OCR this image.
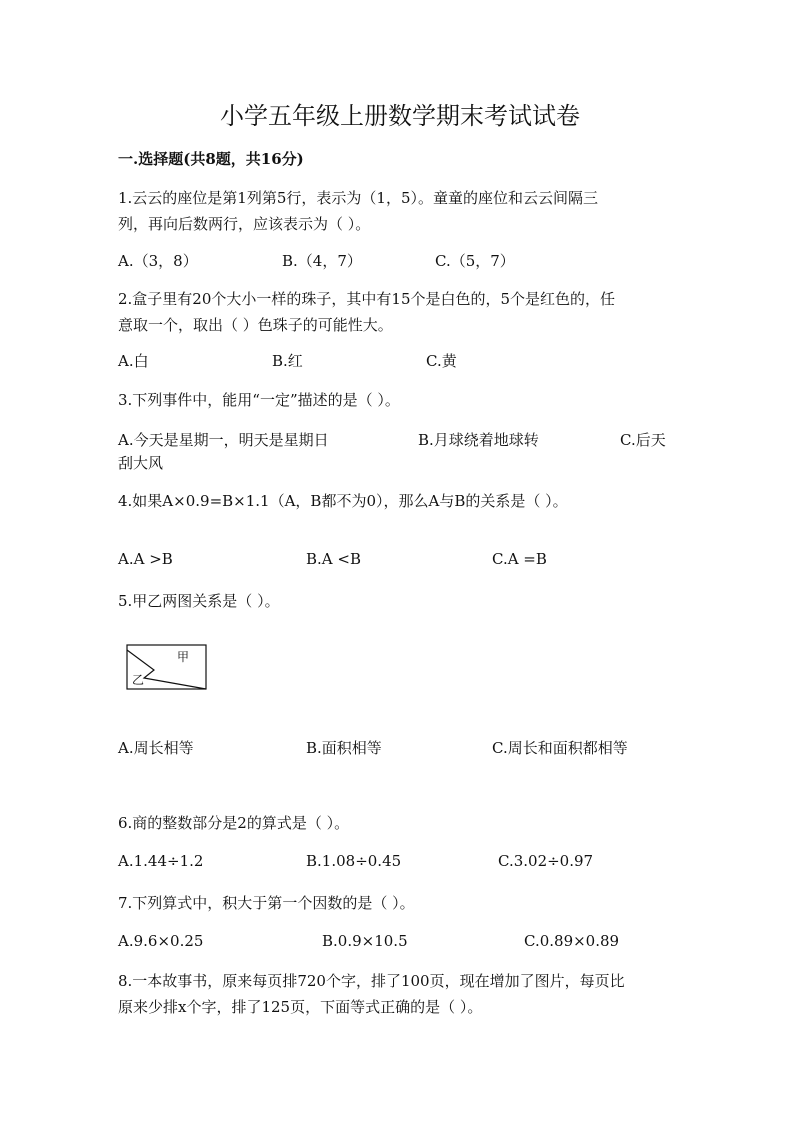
小学五年级上册数学期末考试试卷
一.选择题(共8题，共16分)
1.云云的座位是第1列第5行，表示为（1，5）。童童的座位和云云间隔三
列，再向后数两行，应该表示为（ ）。
A.（3，8）	B.（4，7）	C.（5，7）
2.盒子里有20个大小一样的珠子，其中有15个是白色的，5个是红色的，任
意取一个，取出（ ）色珠子的可能性大。
A.白	B.红	C.黄
3.下列事件中，能用“一定”描述的是（ ）。
A.今天是星期一，明天是星期日	B.月球绕着地球转	C.后天
刮大风
4.如果A×0.9=B×1.1（A，B都不为0），那么A与B的关系是（ ）。
A.A >B	B.A <B	C.A =B
5.甲乙两图关系是（ ）。
甲
乙
A.周长相等	B.面积相等	C.周长和面积都相等
6.商的整数部分是2的算式是（ ）。
A.1.44÷1.2	B.1.08÷0.45	C.3.02÷0.97
7.下列算式中，积大于第一个因数的是（ ）。
A.9.6×0.25	B.0.9×10.5	C.0.89×0.89
8.一本故事书，原来每页排720个字，排了100页，现在增加了图片，每页比
原来少排x个字，排了125页，下面等式正确的是（ ）。
